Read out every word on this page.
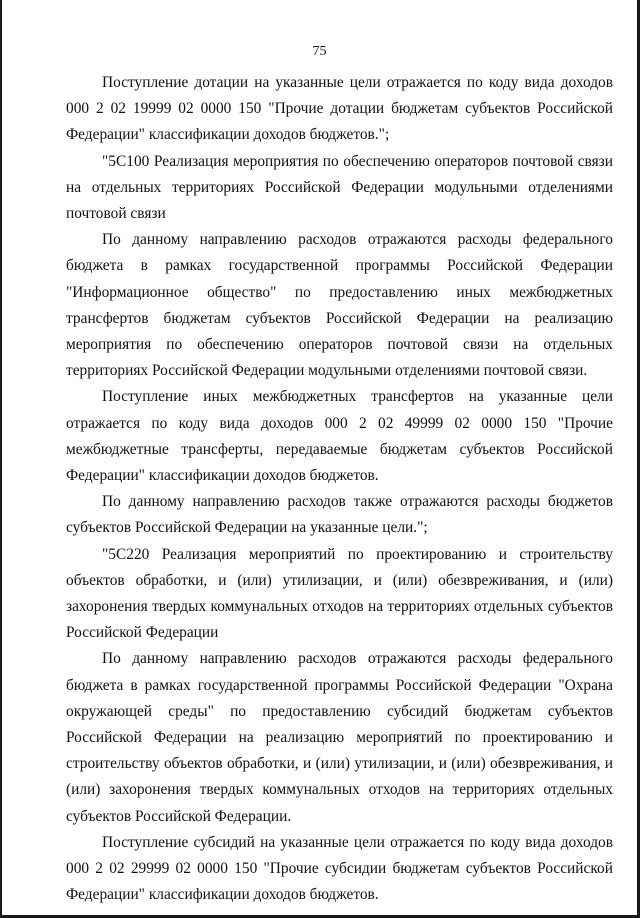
75

Поступление дотации на указанные цели отражается по коду вида доходов 000 2 02 19999 02 0000 150 "Прочие дотации бюджетам субъектов Российской Федерации" классификации доходов бюджетов.";

"5С100 Реализация мероприятия по обеспечению операторов почтовой связи на отдельных территориях Российской Федерации модульными отделениями почтовой связи

По данному направлению расходов отражаются расходы федерального бюджета в рамках государственной программы Российской Федерации "Информационное общество" по предоставлению иных межбюджетных трансфертов бюджетам субъектов Российской Федерации на реализацию мероприятия по обеспечению операторов почтовой связи на отдельных территориях Российской Федерации модульными отделениями почтовой связи.

Поступление иных межбюджетных трансфертов на указанные цели отражается по коду вида доходов 000 2 02 49999 02 0000 150 "Прочие межбюджетные трансферты, передаваемые бюджетам субъектов Российской Федерации" классификации доходов бюджетов.

По данному направлению расходов также отражаются расходы бюджетов субъектов Российской Федерации на указанные цели.";

"5С220 Реализация мероприятий по проектированию и строительству объектов обработки, и (или) утилизации, и (или) обезвреживания, и (или) захоронения твердых коммунальных отходов на территориях отдельных субъектов Российской Федерации

По данному направлению расходов отражаются расходы федерального бюджета в рамках государственной программы Российской Федерации "Охрана окружающей среды" по предоставлению субсидий бюджетам субъектов Российской Федерации на реализацию мероприятий по проектированию и строительству объектов обработки, и (или) утилизации, и (или) обезвреживания, и (или) захоронения твердых коммунальных отходов на территориях отдельных субъектов Российской Федерации.

Поступление субсидий на указанные цели отражается по коду вида доходов 000 2 02 29999 02 0000 150 "Прочие субсидии бюджетам субъектов Российской Федерации" классификации доходов бюджетов.
